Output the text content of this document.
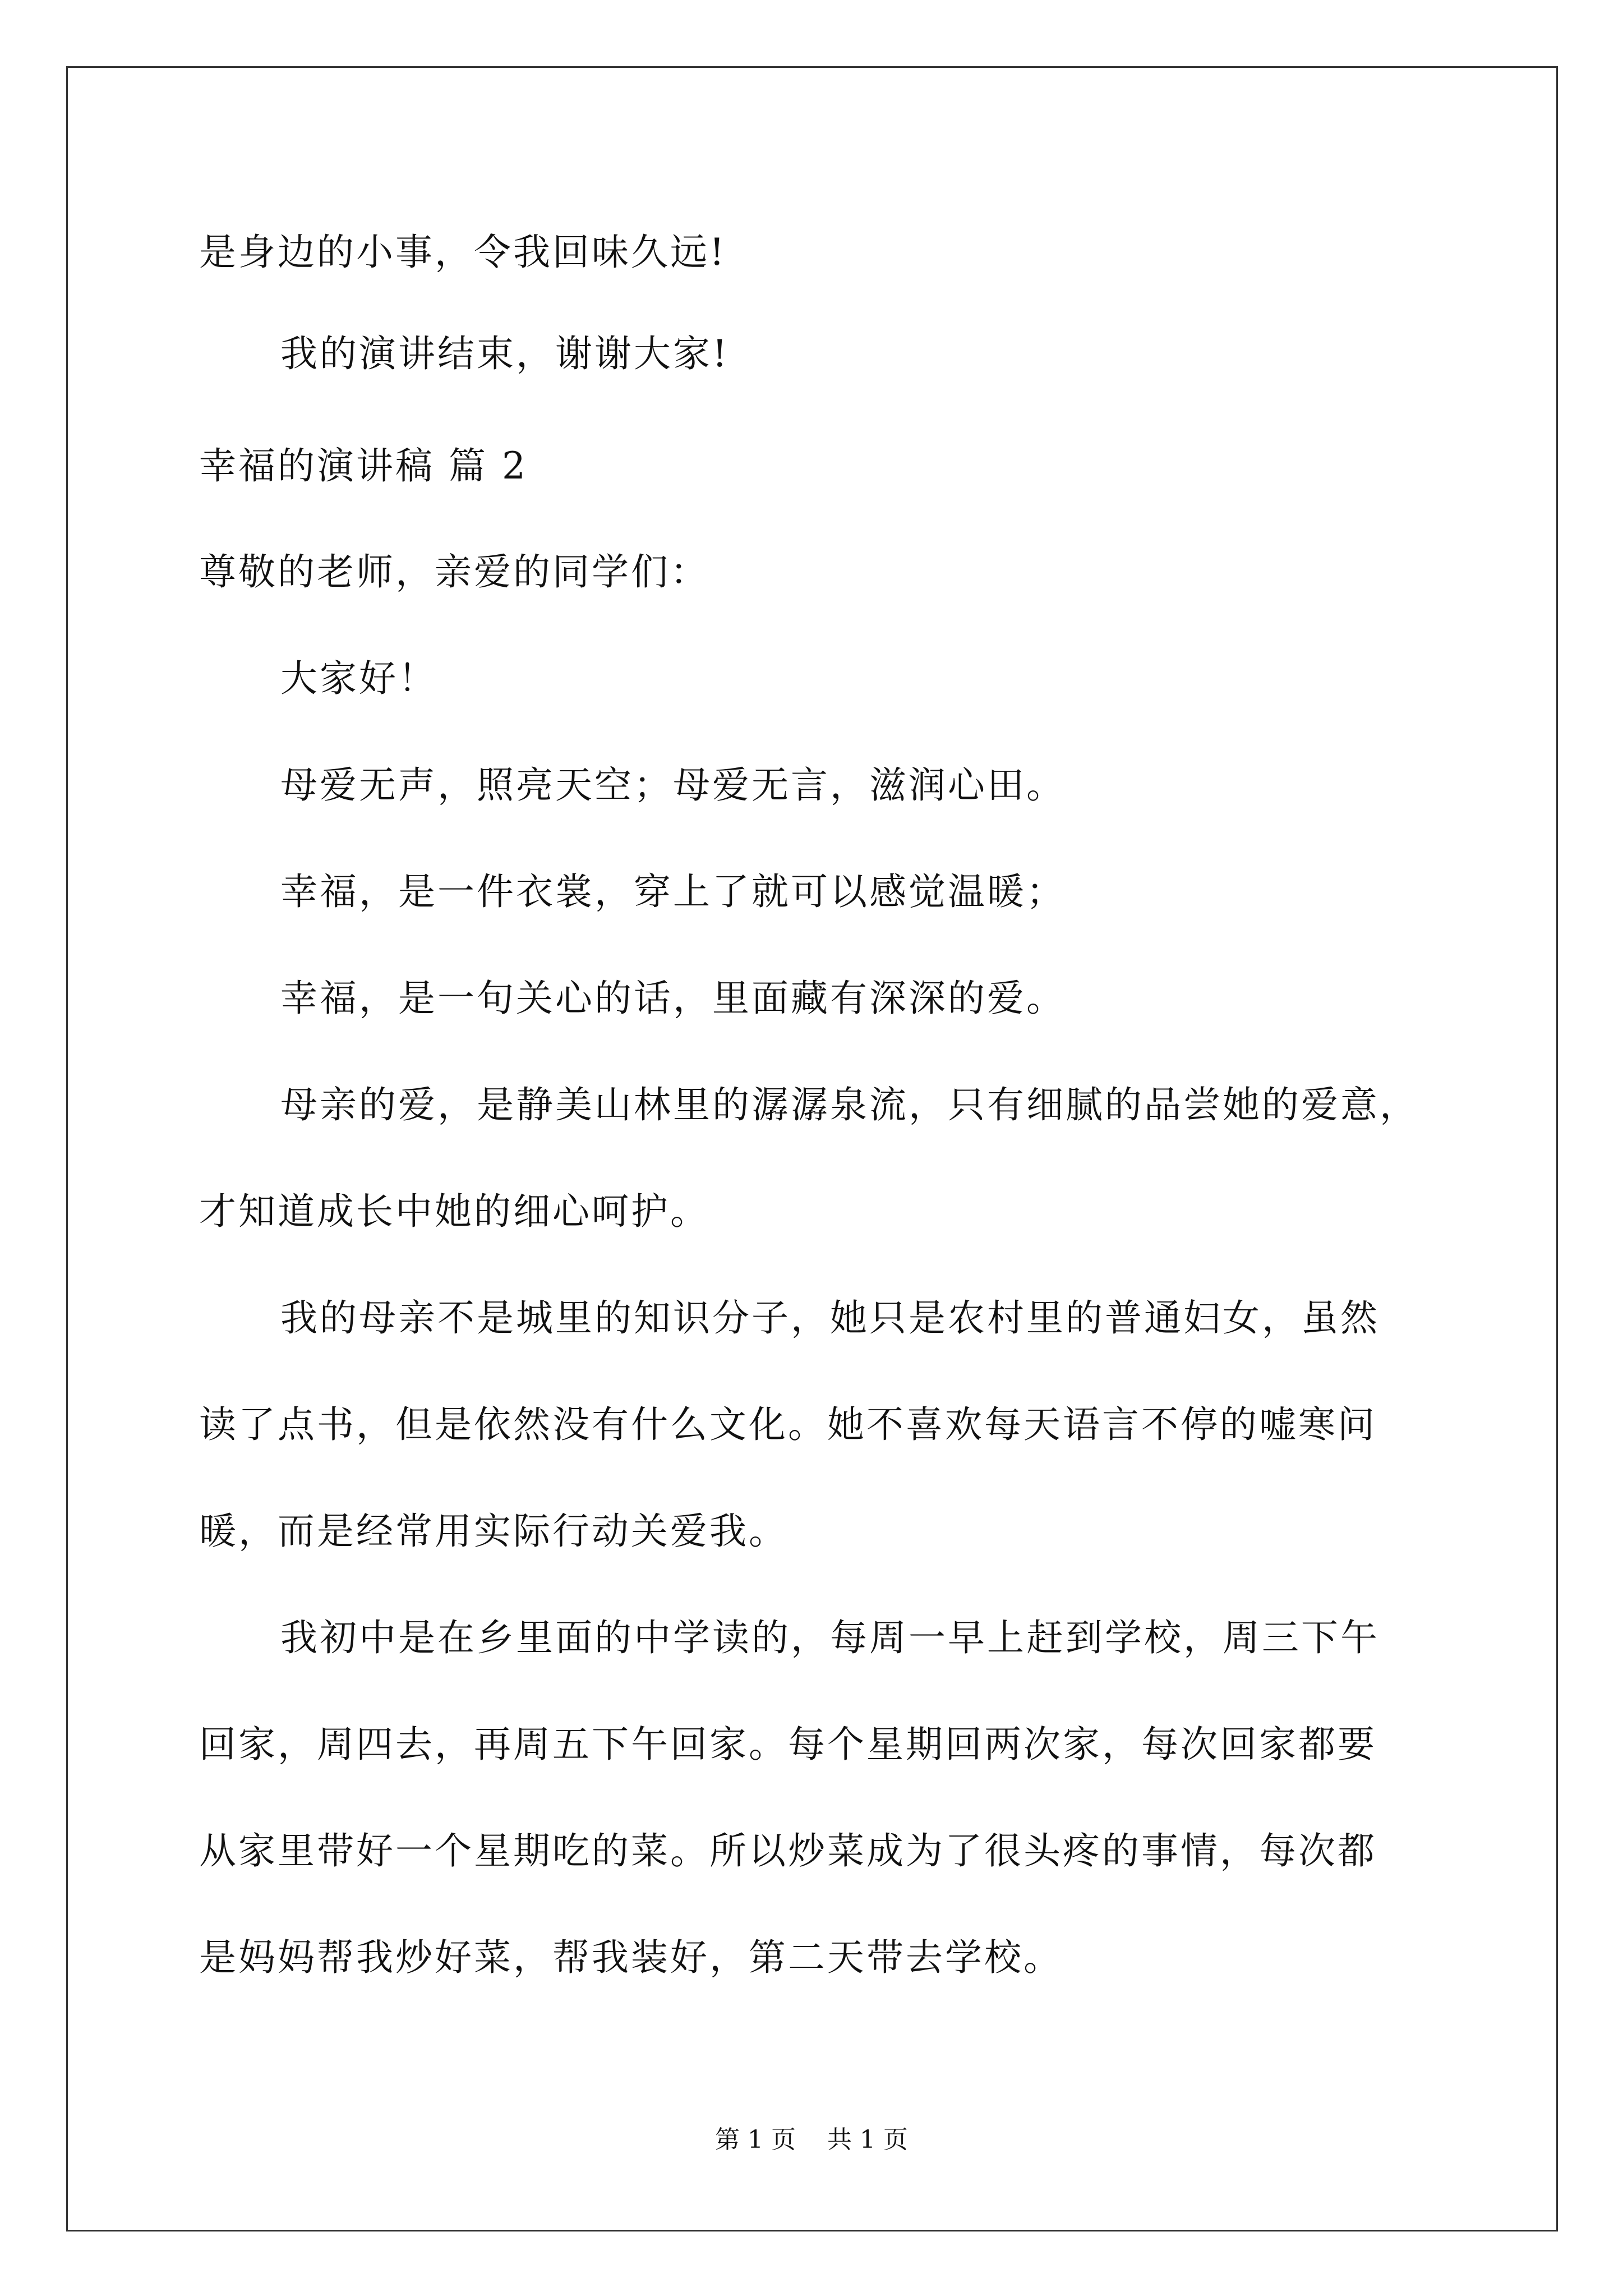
是身边的小事，令我回味久远!
我的演讲结束，谢谢大家!
幸福的演讲稿 篇 2
尊敬的老师，亲爱的同学们：
大家好！
母爱无声，照亮天空；母爱无言，滋润心田。
幸福，是一件衣裳，穿上了就可以感觉温暖；
幸福，是一句关心的话，里面藏有深深的爱。
母亲的爱，是静美山林里的潺潺泉流，只有细腻的品尝她的爱意，
才知道成长中她的细心呵护。
我的母亲不是城里的知识分子，她只是农村里的普通妇女，虽然
读了点书，但是依然没有什么文化。她不喜欢每天语言不停的嘘寒问
暖，而是经常用实际行动关爱我。
我初中是在乡里面的中学读的，每周一早上赶到学校，周三下午
回家，周四去，再周五下午回家。每个星期回两次家，每次回家都要
从家里带好一个星期吃的菜。所以炒菜成为了很头疼的事情，每次都
是妈妈帮我炒好菜，帮我装好，第二天带去学校。
第 1 页 共 1 页
